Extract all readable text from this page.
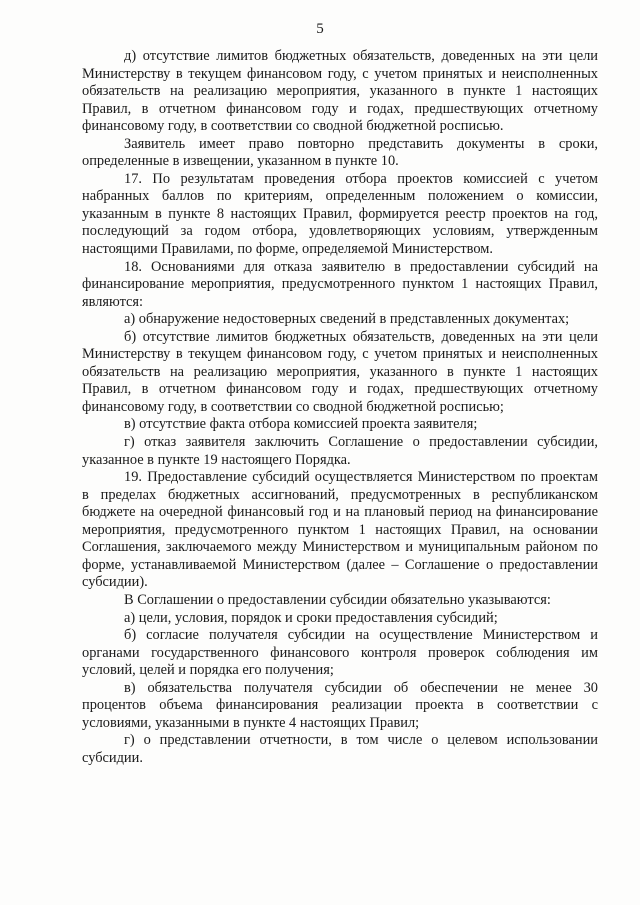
5

д) отсутствие лимитов бюджетных обязательств, доведенных на эти цели Министерству в текущем финансовом году, с учетом принятых и неисполненных обязательств на реализацию мероприятия, указанного в пункте 1 настоящих Правил, в отчетном финансовом году и годах, предшествующих отчетному финансовому году, в соответствии со сводной бюджетной росписью.

Заявитель имеет право повторно представить документы в сроки, определенные в извещении, указанном в пункте 10.

17. По результатам проведения отбора проектов комиссией с учетом набранных баллов по критериям, определенным положением о комиссии, указанным в пункте 8 настоящих Правил, формируется реестр проектов на год, последующий за годом отбора, удовлетворяющих условиям, утвержденным настоящими Правилами, по форме, определяемой Министерством.

18. Основаниями для отказа заявителю в предоставлении субсидий на финансирование мероприятия, предусмотренного пунктом 1 настоящих Правил, являются:

а) обнаружение недостоверных сведений в представленных документах;

б) отсутствие лимитов бюджетных обязательств, доведенных на эти цели Министерству в текущем финансовом году, с учетом принятых и неисполненных обязательств на реализацию мероприятия, указанного в пункте 1 настоящих Правил, в отчетном финансовом году и годах, предшествующих отчетному финансовому году, в соответствии со сводной бюджетной росписью;

в) отсутствие факта отбора комиссией проекта заявителя;

г) отказ заявителя заключить Соглашение о предоставлении субсидии, указанное в пункте 19 настоящего Порядка.

19. Предоставление субсидий осуществляется Министерством по проектам в пределах бюджетных ассигнований, предусмотренных в республиканском бюджете на очередной финансовый год и на плановый период на финансирование мероприятия, предусмотренного пунктом 1 настоящих Правил, на основании Соглашения, заключаемого между Министерством и муниципальным районом по форме, устанавливаемой Министерством (далее – Соглашение о предоставлении субсидии).

В Соглашении о предоставлении субсидии обязательно указываются:

а) цели, условия, порядок и сроки предоставления субсидий;

б) согласие получателя субсидии на осуществление Министерством и органами государственного финансового контроля проверок соблюдения им условий, целей и порядка его получения;

в) обязательства получателя субсидии об обеспечении не менее 30 процентов объема финансирования реализации проекта в соответствии с условиями, указанными в пункте 4 настоящих Правил;

г) о представлении отчетности, в том числе о целевом использовании субсидии.
